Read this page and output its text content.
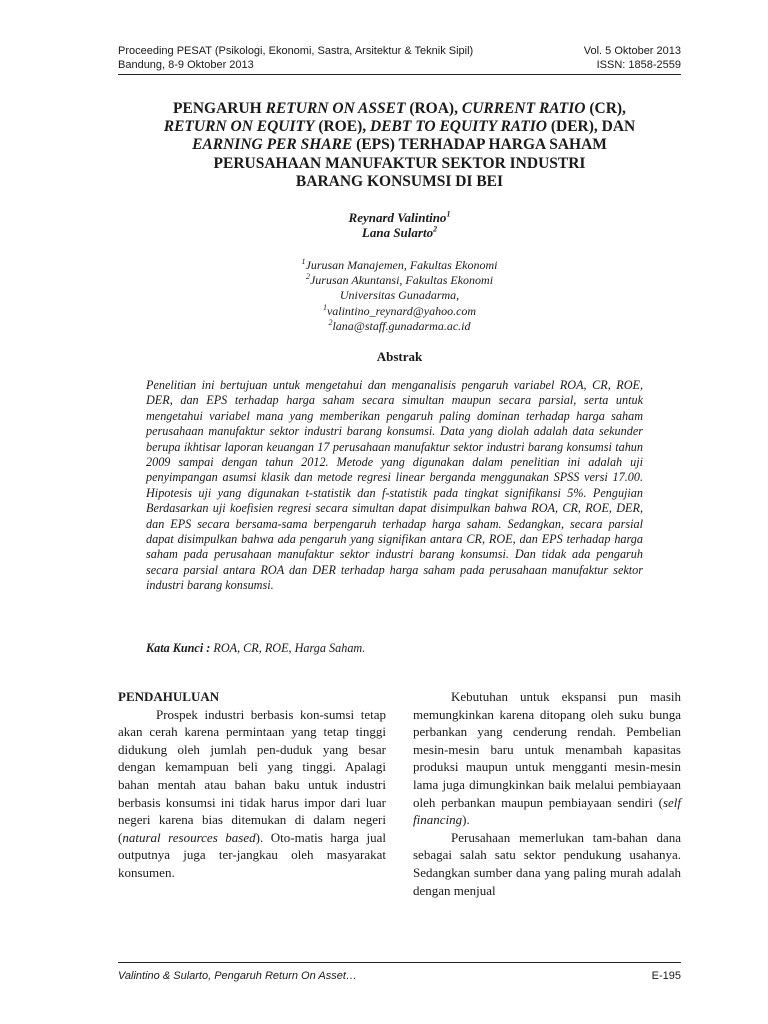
Proceeding PESAT (Psikologi, Ekonomi, Sastra, Arsitektur & Teknik Sipil)	Vol. 5 Oktober 2013
Bandung, 8-9 Oktober 2013	ISSN: 1858-2559
PENGARUH RETURN ON ASSET (ROA), CURRENT RATIO (CR),
RETURN ON EQUITY (ROE), DEBT TO EQUITY RATIO (DER), DAN
EARNING PER SHARE (EPS) TERHADAP HARGA SAHAM
PERUSAHAAN MANUFAKTUR SEKTOR INDUSTRI
BARANG KONSUMSI DI BEI
Reynard Valintino$^1$
Lana Sularto$^2$
$^1$Jurusan Manajemen, Fakultas Ekonomi
$^2$Jurusan Akuntansi, Fakultas Ekonomi
Universitas Gunadarma,
$^1$valintino_reynard@yahoo.com
$^2$lana@staff.gunadarma.ac.id
Abstrak

Penelitian ini bertujuan untuk mengetahui dan menganalisis pengaruh variabel ROA, CR, ROE, DER, dan EPS terhadap harga saham secara simultan maupun secara parsial, serta untuk mengetahui variabel mana yang memberikan pengaruh paling dominan terhadap harga saham perusahaan manufaktur sektor industri barang konsumsi. Data yang diolah adalah data sekunder berupa ikhtisar laporan keuangan 17 perusahaan manufaktur sektor industri barang konsumsi tahun 2009 sampai dengan tahun 2012. Metode yang digunakan dalam penelitian ini adalah uji penyimpangan asumsi klasik dan metode regresi linear berganda menggunakan SPSS versi 17.00. Hipotesis uji yang digunakan t-statistik dan f-statistik pada tingkat signifikansi 5%. Pengujian Berdasarkan uji koefisien regresi secara simultan dapat disimpulkan bahwa ROA, CR, ROE, DER, dan EPS secara bersama-sama berpengaruh terhadap harga saham. Sedangkan, secara parsial dapat disimpulkan bahwa ada pengaruh yang signifikan antara CR, ROE, dan EPS terhadap harga saham pada perusahaan manufaktur sektor industri barang konsumsi. Dan tidak ada pengaruh secara parsial antara ROA dan DER terhadap harga saham pada perusahaan manufaktur sektor industri barang konsumsi.

Kata Kunci : ROA, CR, ROE, Harga Saham.

PENDAHULUAN

Prospek industri berbasis kon-sumsi tetap akan cerah karena permintaan yang tetap tinggi didukung oleh jumlah pen-duduk yang besar dengan kemampuan beli yang tinggi. Apalagi bahan mentah atau bahan baku untuk industri berbasis konsumsi ini tidak harus impor dari luar negeri karena bias ditemukan di dalam negeri (natural resources based). Oto-matis harga jual outputnya juga ter-jangkau oleh masyarakat konsumen.

Kebutuhan untuk ekspansi pun masih memungkinkan karena ditopang oleh suku bunga perbankan yang cenderung rendah. Pembelian mesin-mesin baru untuk menambah kapasitas produksi maupun untuk mengganti mesin-mesin lama juga dimungkinkan baik melalui pembiayaan oleh perbankan maupun pembiayaan sendiri (self financing).

Perusahaan memerlukan tam-bahan dana sebagai salah satu sektor pendukung usahanya. Sedangkan sumber dana yang paling murah adalah dengan menjual

Valintino & Sularto, Pengaruh Return On Asset…	E-195
